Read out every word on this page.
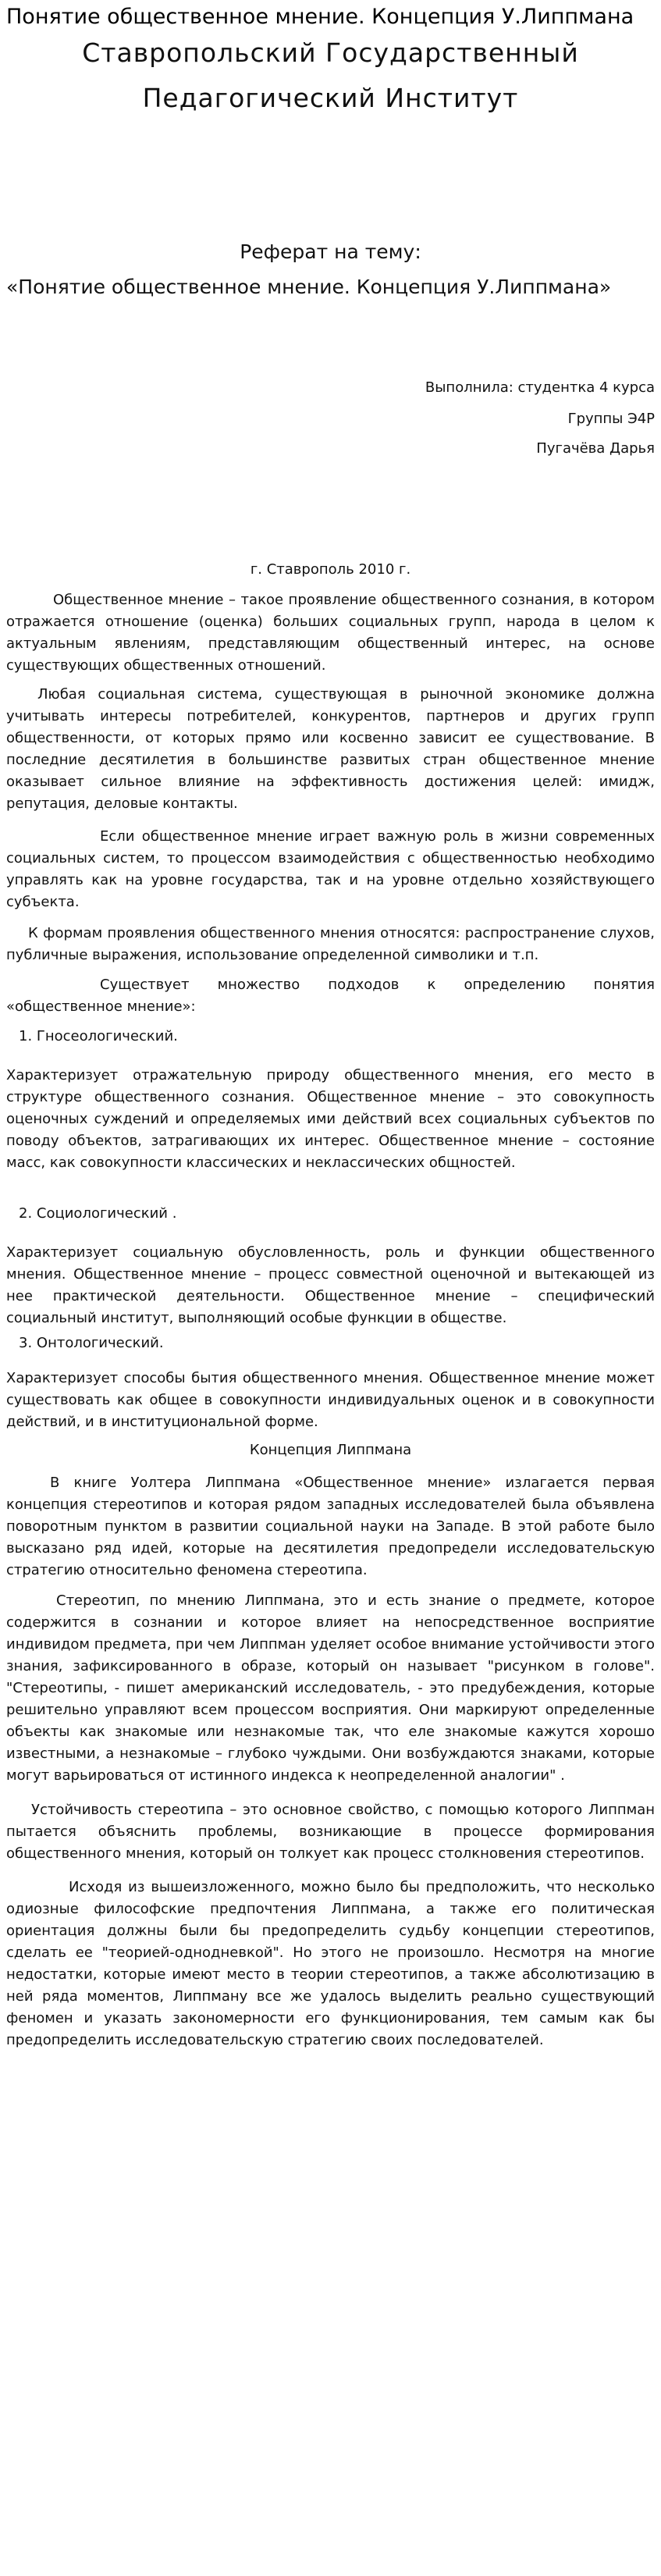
Понятие общественное мнение. Концепция У.Липпмана
Ставропольский Государственный
Педагогический Институт
Реферат на тему:
«Понятие общественное мнение. Концепция У.Липпмана»
Выполнила: студентка 4 курса
Группы Э4Р
Пугачёва Дарья
г. Ставрополь 2010 г.
Общественное мнение – такое проявление общественного сознания, в котором отражается отношение (оценка) больших социальных групп, народа в целом к актуальным явлениям, представляющим общественный интерес, на основе существующих общественных отношений.
Любая социальная система, существующая в рыночной экономике должна учитывать интересы потребителей, конкурентов, партнеров и других групп общественности, от которых прямо или косвенно зависит ее существование. В последние десятилетия в большинстве развитых стран общественное мнение оказывает сильное влияние на эффективность достижения целей: имидж, репутация, деловые контакты.
Если общественное мнение играет важную роль в жизни современных социальных систем, то процессом взаимодействия с общественностью необходимо управлять как на уровне государства, так и на уровне отдельно хозяйствующего субъекта.
К формам проявления общественного мнения относятся: распространение слухов, публичные выражения, использование определенной символики и т.п.
Существует множество подходов к определению понятия «общественное мнение»:
1. Гносеологический.
Характеризует отражательную природу общественного мнения, его место в структуре общественного сознания. Общественное мнение – это совокупность оценочных суждений и определяемых ими действий всех социальных субъектов по поводу объектов, затрагивающих их интерес. Общественное мнение – состояние масс, как совокупности классических и неклассических общностей.
2. Социологический .
Характеризует социальную обусловленность, роль и функции общественного мнения. Общественное мнение – процесс совместной оценочной и вытекающей из нее практической деятельности. Общественное мнение – специфический социальный институт, выполняющий особые функции в обществе.
3. Онтологический.
Характеризует способы бытия общественного мнения. Общественное мнение может существовать как общее в совокупности индивидуальных оценок и в совокупности действий, и в институциональной форме.
Концепция Липпмана
В книге Уолтера Липпмана «Общественное мнение» излагается первая концепция стереотипов и которая рядом западных исследователей была объявлена поворотным пунктом в развитии социальной науки на Западе. В этой работе было высказано ряд идей, которые на десятилетия предопредели исследовательскую стратегию относительно феномена стереотипа.
Стереотип, по мнению Липпмана, это и есть знание о предмете, которое содержится в сознании и которое влияет на непосредственное восприятие индивидом предмета, при чем Липпман уделяет особое внимание устойчивости этого знания, зафиксированного в образе, который он называет "рисунком в голове". "Стереотипы, - пишет американский исследователь, - это предубеждения, которые решительно управляют всем процессом восприятия. Они маркируют определенные объекты как знакомые или незнакомые так, что еле знакомые кажутся хорошо известными, а незнакомые – глубоко чуждыми. Они возбуждаются знаками, которые могут варьироваться от истинного индекса к неопределенной аналогии" .
Устойчивость стереотипа – это основное свойство, с помощью которого Липпман пытается объяснить проблемы, возникающие в процессе формирования общественного мнения, который он толкует как процесс столкновения стереотипов.
Исходя из вышеизложенного, можно было бы предположить, что несколько одиозные философские предпочтения Липпмана, а также его политическая ориентация должны были бы предопределить судьбу концепции стереотипов, сделать ее "теорией-однодневкой". Но этого не произошло. Несмотря на многие недостатки, которые имеют место в теории стереотипов, а также абсолютизацию в ней ряда моментов, Липпману все же удалось выделить реально существующий феномен и указать закономерности его функционирования, тем самым как бы предопределить исследовательскую стратегию своих последователей.
